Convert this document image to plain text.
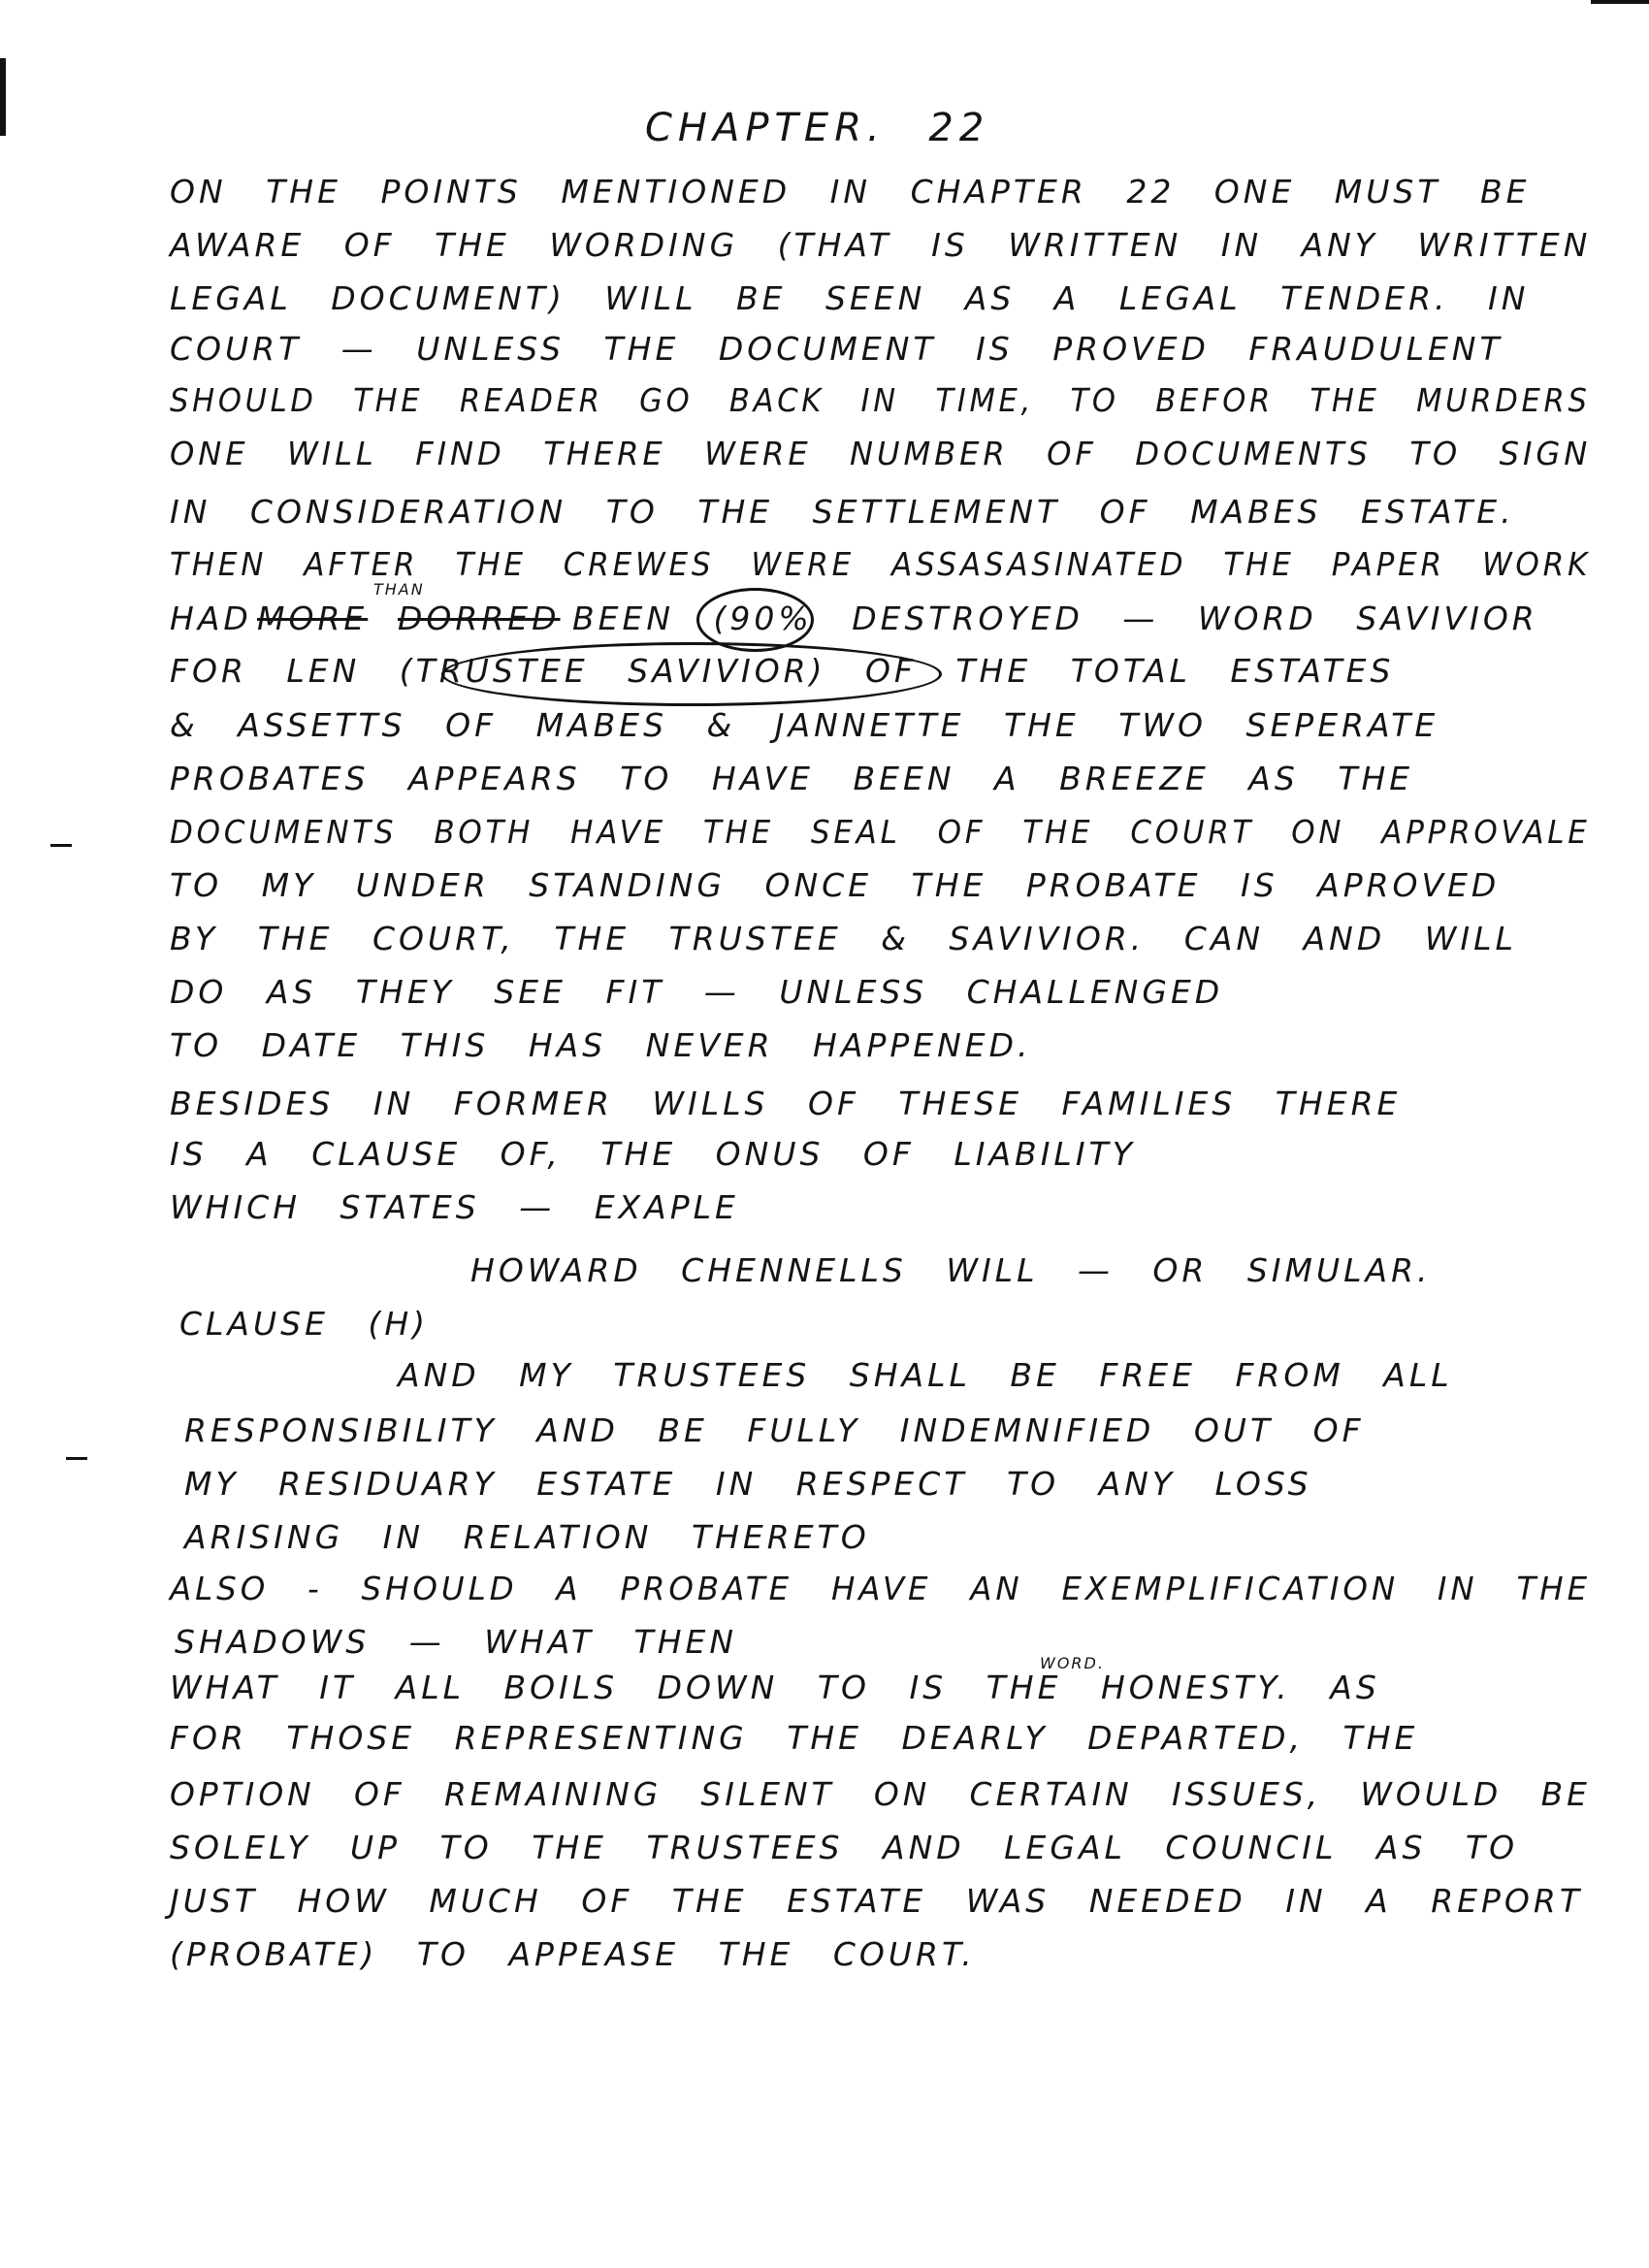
CHAPTER. 22
ON THE POINTS MENTIONED IN CHAPTER 22 ONE MUST BE
AWARE OF THE WORDING (THAT IS WRITTEN IN ANY WRITTEN
LEGAL DOCUMENT) WILL BE SEEN AS A LEGAL TENDER. IN
COURT — UNLESS THE DOCUMENT IS PROVED FRAUDULENT
SHOULD THE READER GO BACK IN TIME, TO BEFOR THE MURDERS
ONE WILL FIND THERE WERE NUMBER OF DOCUMENTS TO SIGN
IN CONSIDERATION TO THE SETTLEMENT OF MABES ESTATE.
THEN AFTER THE CREWES WERE ASSASASINATED THE PAPER WORK
HAD MORE
THAN
DORRED BEEN (90% DESTROYED — WORD SAVIVIOR
FOR LEN (TRUSTEE SAVIVIOR) OF THE TOTAL ESTATES
& ASSETTS OF MABES & JANNETTE THE TWO SEPERATE
PROBATES APPEARS TO HAVE BEEN A BREEZE AS THE
DOCUMENTS BOTH HAVE THE SEAL OF THE COURT ON APPROVALE
TO MY UNDER STANDING ONCE THE PROBATE IS APROVED
BY THE COURT, THE TRUSTEE & SAVIVIOR. CAN AND WILL
DO AS THEY SEE FIT — UNLESS CHALLENGED
TO DATE THIS HAS NEVER HAPPENED.
BESIDES IN FORMER WILLS OF THESE FAMILIES THERE
IS A CLAUSE OF, THE ONUS OF LIABILITY
WHICH STATES — EXAPLE
HOWARD CHENNELLS WILL — OR SIMULAR.
CLAUSE (H)
AND MY TRUSTEES SHALL BE FREE FROM ALL
RESPONSIBILITY AND BE FULLY INDEMNIFIED OUT OF
MY RESIDUARY ESTATE IN RESPECT TO ANY LOSS
ARISING IN RELATION THERETO
ALSO - SHOULD A PROBATE HAVE AN EXEMPLIFICATION IN THE
SHADOWS — WHAT THEN
WORD.
WHAT IT ALL BOILS DOWN TO IS THE HONESTY. AS
FOR THOSE REPRESENTING THE DEARLY DEPARTED, THE
OPTION OF REMAINING SILENT ON CERTAIN ISSUES, WOULD BE
SOLELY UP TO THE TRUSTEES AND LEGAL COUNCIL AS TO
JUST HOW MUCH OF THE ESTATE WAS NEEDED IN A REPORT
(PROBATE) TO APPEASE THE COURT.
